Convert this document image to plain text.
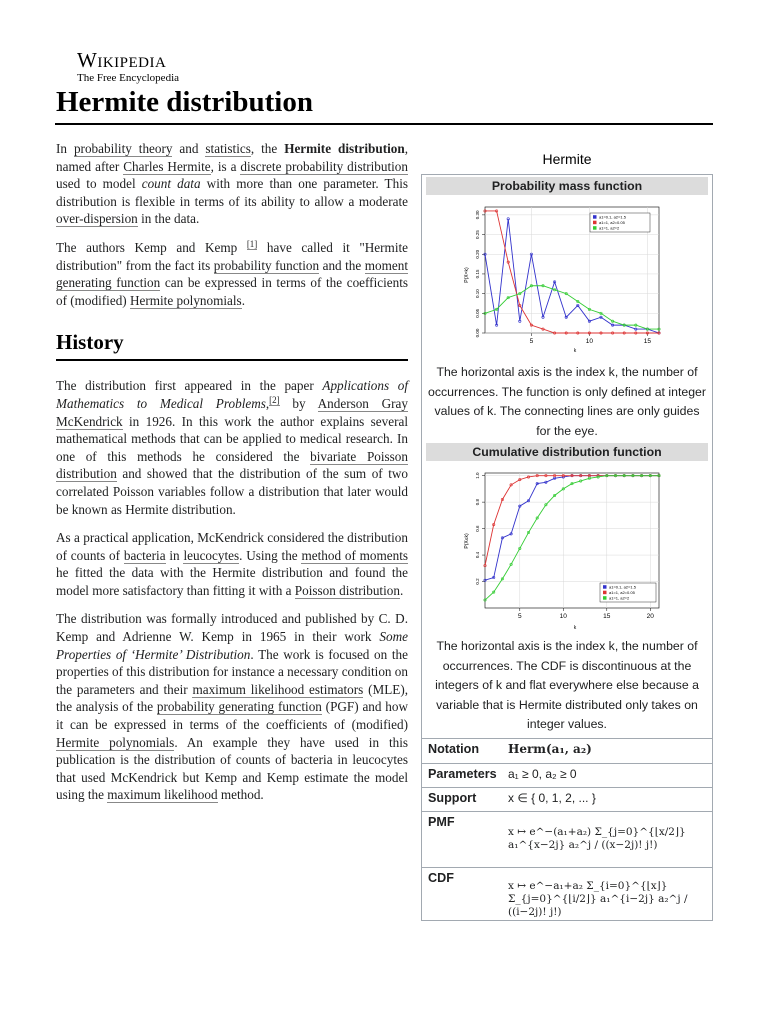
Wikipedia
The Free Encyclopedia
Hermite distribution

In probability theory and statistics, the Hermite distribution, named after Charles Hermite, is a discrete probability distribution used to model count data with more than one parameter. This distribution is flexible in terms of its ability to allow a moderate over-dispersion in the data.

The authors Kemp and Kemp [1] have called it "Hermite distribution" from the fact its probability function and the moment generating function can be expressed in terms of the coefficients of (modified) Hermite polynomials.

History

The distribution first appeared in the paper Applications of Mathematics to Medical Problems,[2] by Anderson Gray McKendrick in 1926. In this work the author explains several mathematical methods that can be applied to medical research. In one of this methods he considered the bivariate Poisson distribution and showed that the distribution of the sum of two correlated Poisson variables follow a distribution that later would be known as Hermite distribution.

As a practical application, McKendrick considered the distribution of counts of bacteria in leucocytes. Using the method of moments he fitted the data with the Hermite distribution and found the model more satisfactory than fitting it with a Poisson distribution.

The distribution was formally introduced and published by C. D. Kemp and Adrienne W. Kemp in 1965 in their work Some Properties of ‘Hermite’ Distribution. The work is focused on the properties of this distribution for instance a necessary condition on the parameters and their maximum likelihood estimators (MLE), the analysis of the probability generating function (PGF) and how it can be expressed in terms of the coefficients of (modified) Hermite polynomials. An example they have used in this publication is the distribution of counts of bacteria in leucocytes that used McKendrick but Kemp and Kemp estimate the model using the maximum likelihood method.

Hermite
Probability mass function
P(X=k)
k
5	10	15
0.00
0.05
0.10
0.15
0.20
0.25
0.30	a1=0.1, a2=1.5
a1=1, a2=0.05
a1=1, a2=2
The horizontal axis is the index k, the number of occurrences. The function is only defined at integer values of k. The connecting lines are only guides for the eye.
Cumulative distribution function
P(X≤k)
k
5	10	15	20
0.2
0.4
0.6
0.8
1.0
a1=0.1, a2=1.5
a1=1, a2=0.05
a1=1, a2=2
The horizontal axis is the index k, the number of occurrences. The CDF is discontinuous at the integers of k and flat everywhere else because a variable that is Hermite distributed only takes on integer values.
Notation	Herm(a₁, a₂)
Parameters a₁ ≥ 0, a₂ ≥ 0
Support	x ∈ { 0, 1, 2, ... }
PMF
x ↦ e^−(a₁+a₂) Σ_{j=0}^{⌊x/2⌋} a₁^{x−2j} a₂^j / ((x−2j)! j!)
CDF
x ↦ e^−a₁+a₂ Σ_{i=0}^{⌊x⌋} Σ_{j=0}^{⌊i/2⌋} a₁^{i−2j} a₂^j / ((i−2j)! j!)
